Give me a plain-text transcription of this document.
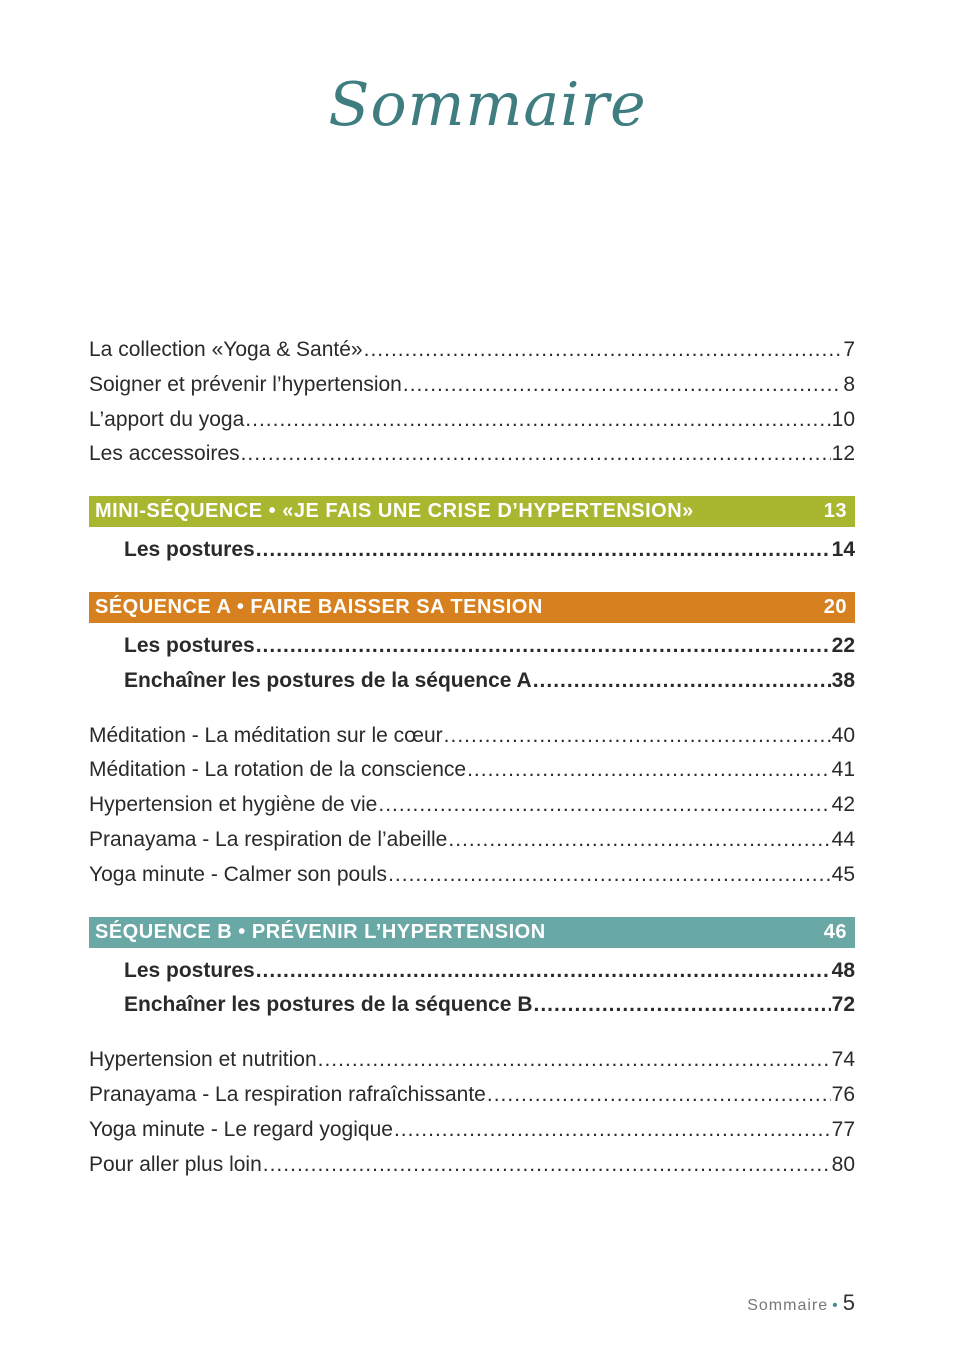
Sommaire
La collection «Yoga & Santé» .....	7
Soigner et prévenir l’hypertension .....	8
L’apport du yoga .....	10
Les accessoires .....	12
MINI-SÉQUENCE • «JE FAIS UNE CRISE D’HYPERTENSION»	13
Les postures .....	14
SÉQUENCE A • FAIRE BAISSER SA TENSION	20
Les postures .....	22
Enchaîner les postures de la séquence A .....	38
Méditation - La méditation sur le cœur .....	40
Méditation - La rotation de la conscience .....	41
Hypertension et hygiène de vie .....	42
Pranayama - La respiration de l’abeille .....	44
Yoga minute - Calmer son pouls .....	45
SÉQUENCE B • PRÉVENIR L’HYPERTENSION	46
Les postures .....	48
Enchaîner les postures de la séquence B .....	72
Hypertension et nutrition .....	74
Pranayama - La respiration rafraîchissante .....	76
Yoga minute - Le regard yogique .....	77
Pour aller plus loin .....	80
Sommaire • 5
